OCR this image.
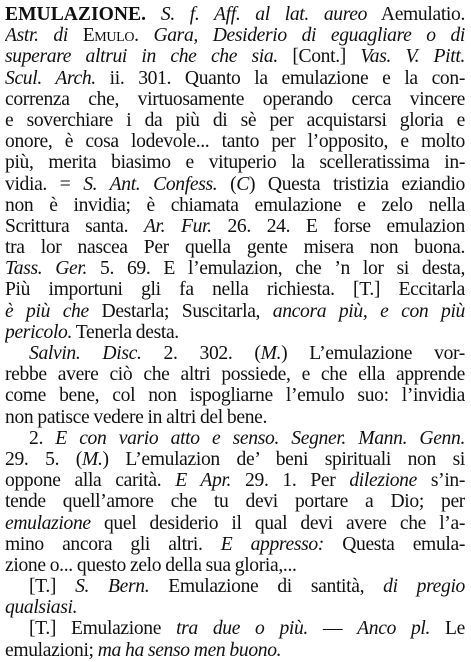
EMULAZIONE. S. f. Aff. al lat. aureo Aemulatio.
Astr. di Emulo. Gara, Desiderio di eguagliare o di
superare altrui in che che sia. [Cont.] Vas. V. Pitt.
Scul. Arch. ii. 301. Quanto la emulazione e la con-
correnza che, virtuosamente operando cerca vincere
e soverchiare i da più di sè per acquistarsi gloria e
onore, è cosa lodevole... tanto per l’opposito, e molto
più, merita biasimo e vituperio la scelleratissima in-
vidia. = S. Ant. Confess. (C) Questa tristizia eziandio
non è invidia; è chiamata emulazione e zelo nella
Scrittura santa. Ar. Fur. 26. 24. E forse emulazion
tra lor nascea Per quella gente misera non buona.
Tass. Ger. 5. 69. E l’emulazion, che ’n lor si desta,
Più importuni gli fa nella richiesta. [T.] Eccitarla
è più che Destarla; Suscitarla, ancora più, e con più
pericolo. Tenerla desta.
Salvin. Disc. 2. 302. (M.) L’emulazione vor-
rebbe avere ciò che altri possiede, e che ella apprende
come bene, col non ispogliarne l’emulo suo: l’invidia
non patisce vedere in altri del bene.
2. E con vario atto e senso. Segner. Mann. Genn.
29. 5. (M.) L’emulazion de’ beni spirituali non si
oppone alla carità. E Apr. 29. 1. Per dilezione s’in-
tende quell’amore che tu devi portare a Dio; per
emulazione quel desiderio il qual devi avere che l’a-
mino ancora gli altri. E appresso: Questa emula-
zione o... questo zelo della sua gloria,...
[T.] S. Bern. Emulazione di santità, di pregio
qualsiasi.
[T.] Emulazione tra due o più. — Anco pl. Le
emulazioni; ma ha senso men buono.
